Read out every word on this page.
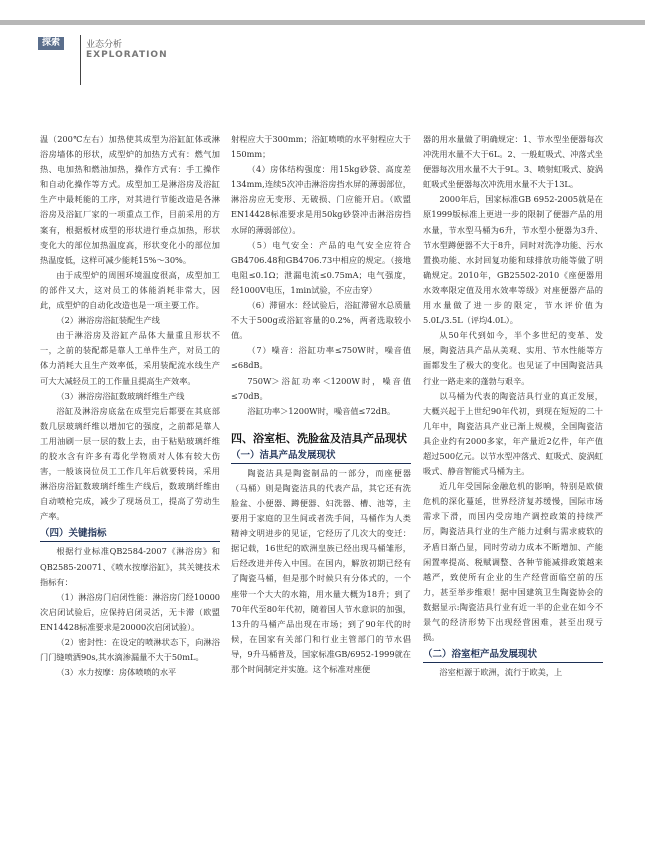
探索	业态分析
EXPLORATION

温（200℃左右）加热使其成型为浴缸缸体或淋浴房墙体的形状，成型炉的加热方式有：燃气加热、电加热和燃油加热，操作方式有：手工操作和自动化操作等方式。成型加工是淋浴房及浴缸生产中最耗能的工序，对其进行节能改造是各淋浴房及浴缸厂家的一项重点工作，目前采用的方案有，根据板材成型的形状进行垂点加热，形状变化大的部位加热温度高，形状变化小的部位加热温度低，这样可减少能耗15%～30%。

由于成型炉的周围环境温度很高，成型加工的部件又大，这对员工的体能消耗非常大，因此，成型炉的自动化改造也是一项主要工作。

（2）淋浴房浴缸装配生产线

由于淋浴房及浴缸产品体大量重且形状不一，之前的装配都是靠人工单件生产，对员工的体力消耗大且生产效率低，采用装配流水线生产可大大减轻员工的工作量且提高生产效率。

（3）淋浴房浴缸数玻璃纤维生产线

浴缸及淋浴房底盆在成型完后都要在其底部数几层玻璃纤维以增加它的强度，之前都是靠人工用油刷一层一层的数上去，由于粘贴玻璃纤维的胶水含有许多有毒化学物质对人体有较大伤害，一般该岗位员工工作几年后就要转岗，采用淋浴房浴缸数玻璃纤维生产线后，数玻璃纤维由自动喷枪完成，减少了现场员工，提高了劳动生产率。

（四）关键指标

根据行业标准QB2584-2007《淋浴房》和QB2585-20071、《喷水按摩浴缸》，其关键技术指标有：

（1）淋浴房门启闭性能：淋浴房门经10000次启闭试验后，应保持启闭灵活，无卡滞（欧盟EN14428标准要求是20000次启闭试验）。

（2）密封性：在设定的喷淋状态下，向淋浴门门缝喷洒90s,其水滴渗漏量不大于50mL。

（3）水力按摩：房体喷喷的水平

射程应大于300mm；浴缸喷喷的水平射程应大于150mm；

（4）房体结构强度：用15kg砂袋、高度差134mm,连续5次冲击淋浴房挡水屏的薄弱部位，淋浴房应无变形、无破损、门应能开启。（欧盟EN14428标准要求是用50kg砂袋冲击淋浴房挡水屏的薄弱部位）。

（5）电气安全：产品的电气安全应符合GB4706.48和GB4706.73中相应的规定。（接地电阻≤0.1Ω；泄漏电流≤0.75mA；电气强度，经1000V电压，1min试验，不应击穿）

（6）滞留水：经试验后，浴缸滞留水总质量不大于500g或浴缸容量的0.2%，两者选取较小值。

（7）噪音：浴缸功率≤750W时，噪音值≤68dB。

750W＞浴缸功率＜1200W时，噪音值≤70dB。

浴缸功率＞1200W时，噪音值≤72dB。

四、浴室柜、洗脸盆及洁具产品现状
（一）洁具产品发展现状

陶瓷洁具是陶瓷制品的一部分，而座便器（马桶）则是陶瓷洁具的代表产品，其它还有洗脸盆、小便器、蹲便器、妇洗器、槽、池等，主要用于家庭的卫生间或者洗手间，马桶作为人类精神文明进步的见证，它经历了几次大的变迁：据记载，16世纪的欧洲皇族已经出现马桶雏形，后经改进并传入中国。在国内，解放初期已经有了陶瓷马桶，但是那个时候只有分体式的，一个座带一个大大的水箱，用水量大概为18升；到了70年代至80年代初，随着国人节水意识的加强，13升的马桶产品出现在市场；到了90年代的时候，在国家有关部门和行业主管部门的节水倡导，9升马桶普及，国家标准GB/6952-1999就在那个时间制定并实施。这个标准对座便

器的用水量做了明确规定：1、节水型坐便器每次冲洗用水量不大于6L。2、一般虹吸式、冲落式坐便器每次用水量不大于9L。3、喷射虹吸式、旋涡虹吸式坐便器每次冲洗用水量不大于13L。

2000年后，国家标准GB 6952-2005就是在原1999版标准上更进一步的限制了便器产品的用水量，节水型马桶为6升，节水型小便器为3升、节水型蹲便器不大于8升，同时对洗净功能、污水置换功能、水封回复功能和球排放功能等做了明确规定。2010年，GB25502-2010《座便器用水效率限定值及用水效率等级》对座便器产品的用水量做了进一步的限定，节水评价值为5.0L/3.5L（评均4.0L）。

从50年代到如今，半个多世纪的变革、发展，陶瓷洁具产品从美观、实用、节水性能等方面都发生了极大的变化。也见证了中国陶瓷洁具行业一路走来的蓬勃与艰辛。

以马桶为代表的陶瓷洁具行业的真正发展，大概兴起于上世纪90年代初，到现在短短的二十几年中，陶瓷洁具产业已渐上规模，全国陶瓷洁具企业约有2000多家，年产量近2亿件，年产值超过500亿元。以节水型冲落式、虹吸式、旋涡虹吸式、静音智能式马桶为主。

近几年受国际金融危机的影响，特别是欧债危机的深化蔓延，世界经济复苏缓慢，国际市场需求下滑，而国内受房地产调控政策的持续严厉，陶瓷洁具行业的生产能力过剩与需求疲软的矛盾日渐凸显，同时劳动力成本不断增加、产能闲置率提高、税赋调整、各种节能减排政策越来越严，致使所有企业的生产经营面临空前的压力，甚至举步维艰！据中国建筑卫生陶瓷协会的数据显示:陶瓷洁具行业有近一半的企业在如今不景气的经济形势下出现经营困难，甚至出现亏损。

（二）浴室柜产品发展现状

浴室柜源于欧洲，流行于欧美，上
